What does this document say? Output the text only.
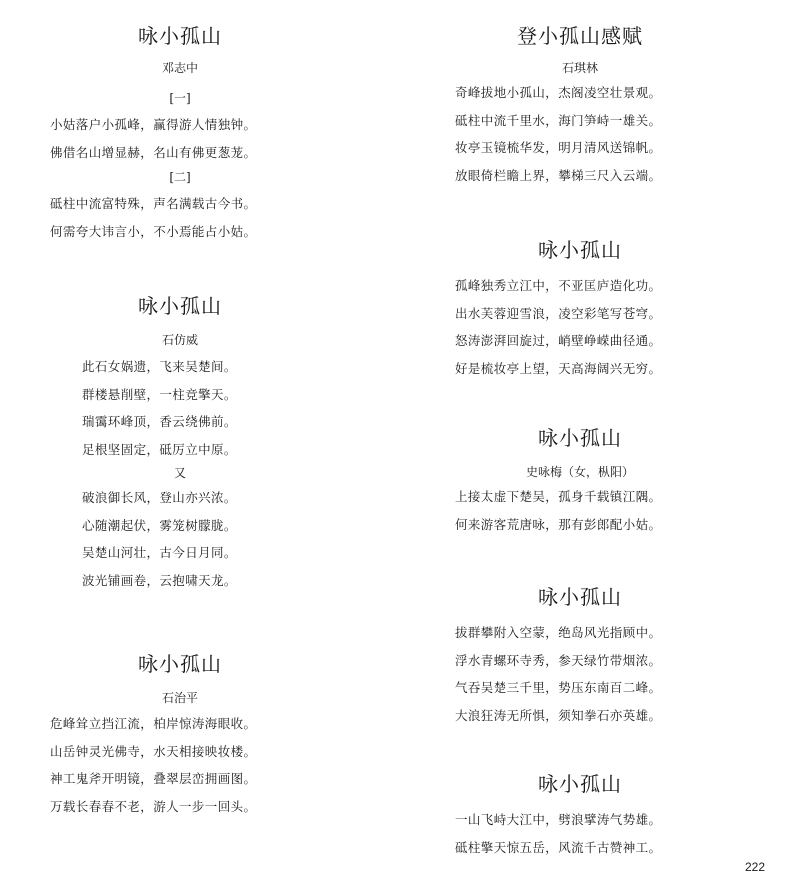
咏小孤山
邓志中
[一]
小姑落户小孤峰，赢得游人情独钟。
佛借名山增显赫，名山有佛更葱茏。
[二]
砥柱中流富特殊，声名满载古今书。
何需夸大讳言小，不小焉能占小姑。
咏小孤山
石仿威
此石女娲遗，飞来吴楚间。
群楼悬削壁，一柱竞擎天。
瑞霭环峰顶，香云绕佛前。
足根坚固定，砥厉立中原。
又
破浪御长风，登山亦兴浓。
心随潮起伏，雾笼树朦胧。
吴楚山河壮，古今日月同。
波光铺画卷，云抱啸天龙。
咏小孤山
石治平
危峰耸立挡江流，柏岸惊涛海眼收。
山岳钟灵光佛寺，水天相接映妆楼。
神工鬼斧开明镜，叠翠层峦拥画图。
万载长春春不老，游人一步一回头。
登小孤山感赋
石琪林
奇峰拔地小孤山，杰阁凌空壮景观。
砥柱中流千里水，海门笋峙一雄关。
妆亭玉镜梳华发，明月清风送锦帆。
放眼倚栏瞻上界，攀梯三尺入云端。
咏小孤山
孤峰独秀立江中，不亚匡庐造化功。
出水芙蓉迎雪浪，凌空彩笔写苍穹。
怒涛澎湃回旋过，峭壁峥嵘曲径通。
好是梳妆亭上望，天高海阔兴无穷。
咏小孤山
史咏梅（女，枞阳）
上接太虚下楚吴，孤身千载镇江隅。
何来游客荒唐咏，那有彭郎配小姑。
咏小孤山
拔群攀附入空蒙，绝岛风光指顾中。
浮水青螺环寺秀，参天绿竹带烟浓。
气吞吴楚三千里，势压东南百二峰。
大浪狂涛无所惧，须知拳石亦英雄。
咏小孤山
一山飞峙大江中，劈浪擘涛气势雄。
砥柱擎天惊五岳，风流千古赞神工。
222
